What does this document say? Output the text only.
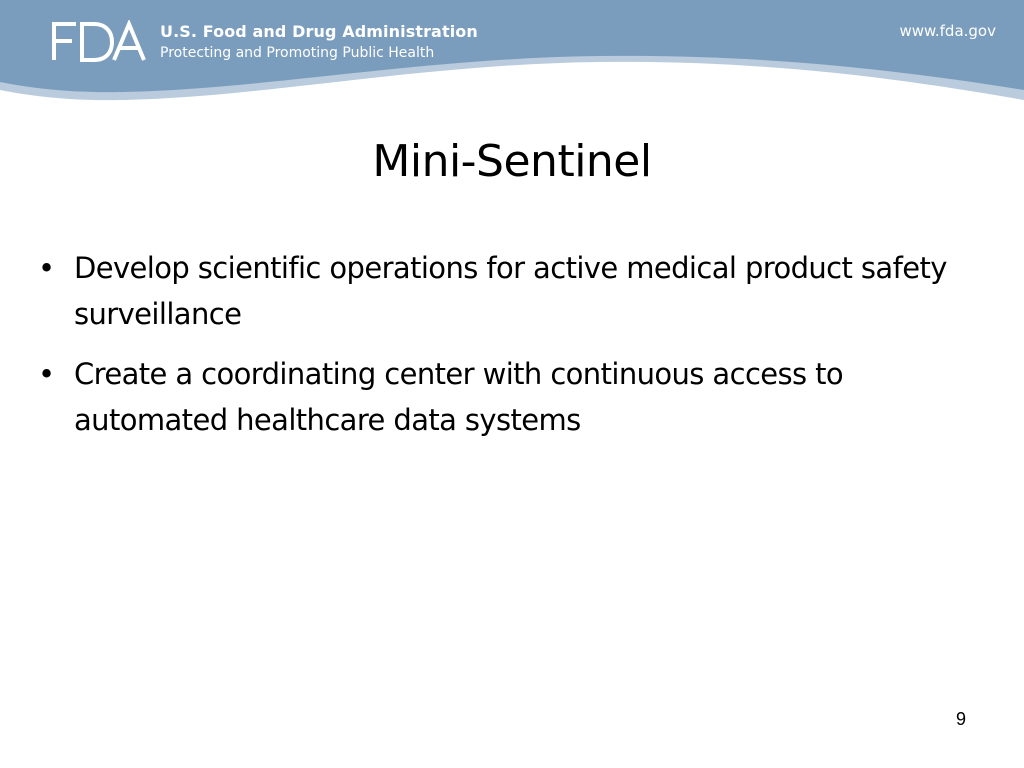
U.S. Food and Drug Administration
Protecting and Promoting Public Health
www.fda.gov
Mini-Sentinel
• Develop scientific operations for active medical product safety surveillance
• Create a coordinating center with continuous access to automated healthcare data systems
9
